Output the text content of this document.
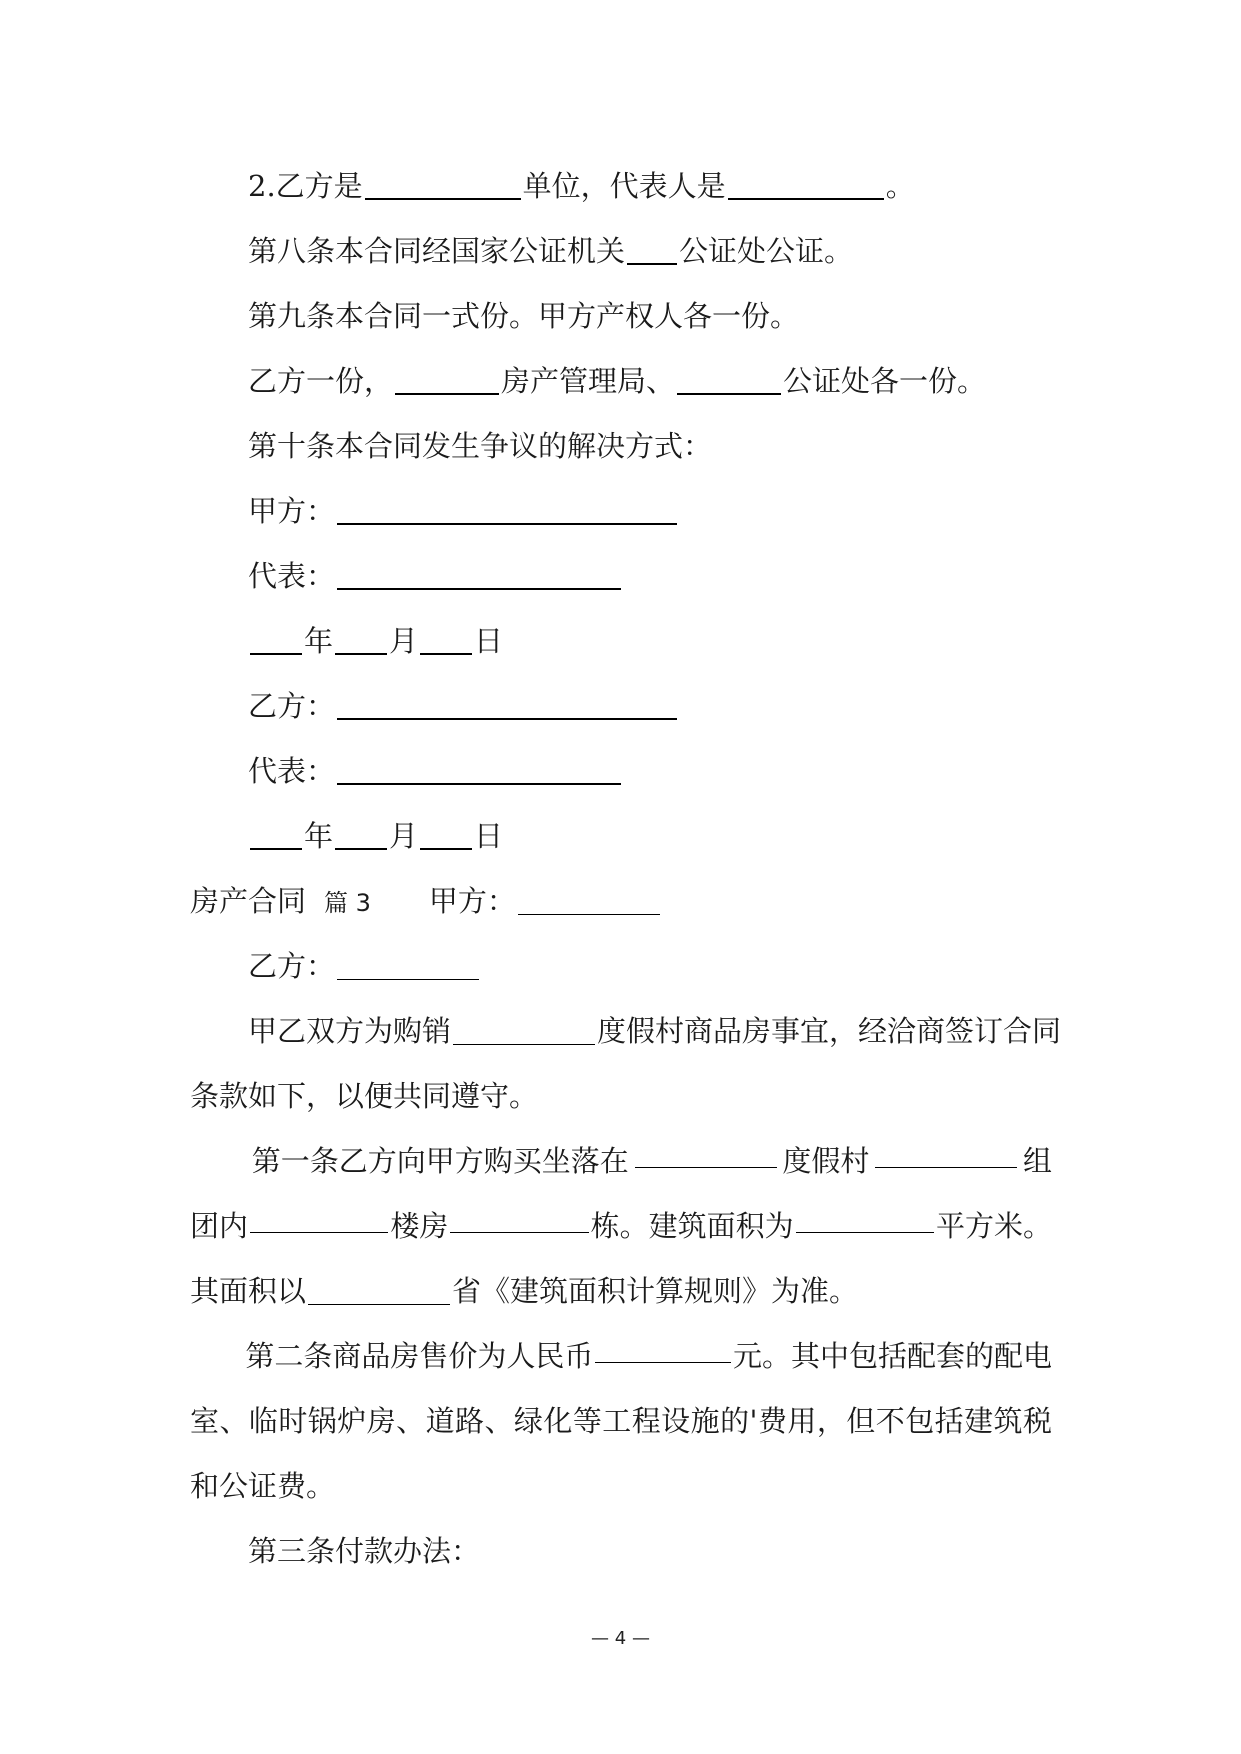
2.乙方是	单位，代表人是	。
第八条本合同经国家公证机关 公证处公证。
第九条本合同一式份。甲方产权人各一份。
乙方一份，	房产管理局、	公证处各一份。
第十条本合同发生争议的解决方式：
甲方：
代表：
年 月 日
乙方：
代表：
年 月 日
房产合同 篇 3 甲方：
乙方：
甲乙双方为购销	度假村商品房事宜，经洽商签订合同
条款如下，以便共同遵守。
第一条乙方向甲方购买坐落在	度假村	组
团内	楼房	栋。建筑面积为	平方米。
其面积以	省《建筑面积计算规则》为准。
第二条商品房售价为人民币	元。其中包括配套的配电
室、临时锅炉房、道路、绿化等工程设施的'费用，但不包括建筑税
和公证费。
第三条付款办法：
— 4 —
